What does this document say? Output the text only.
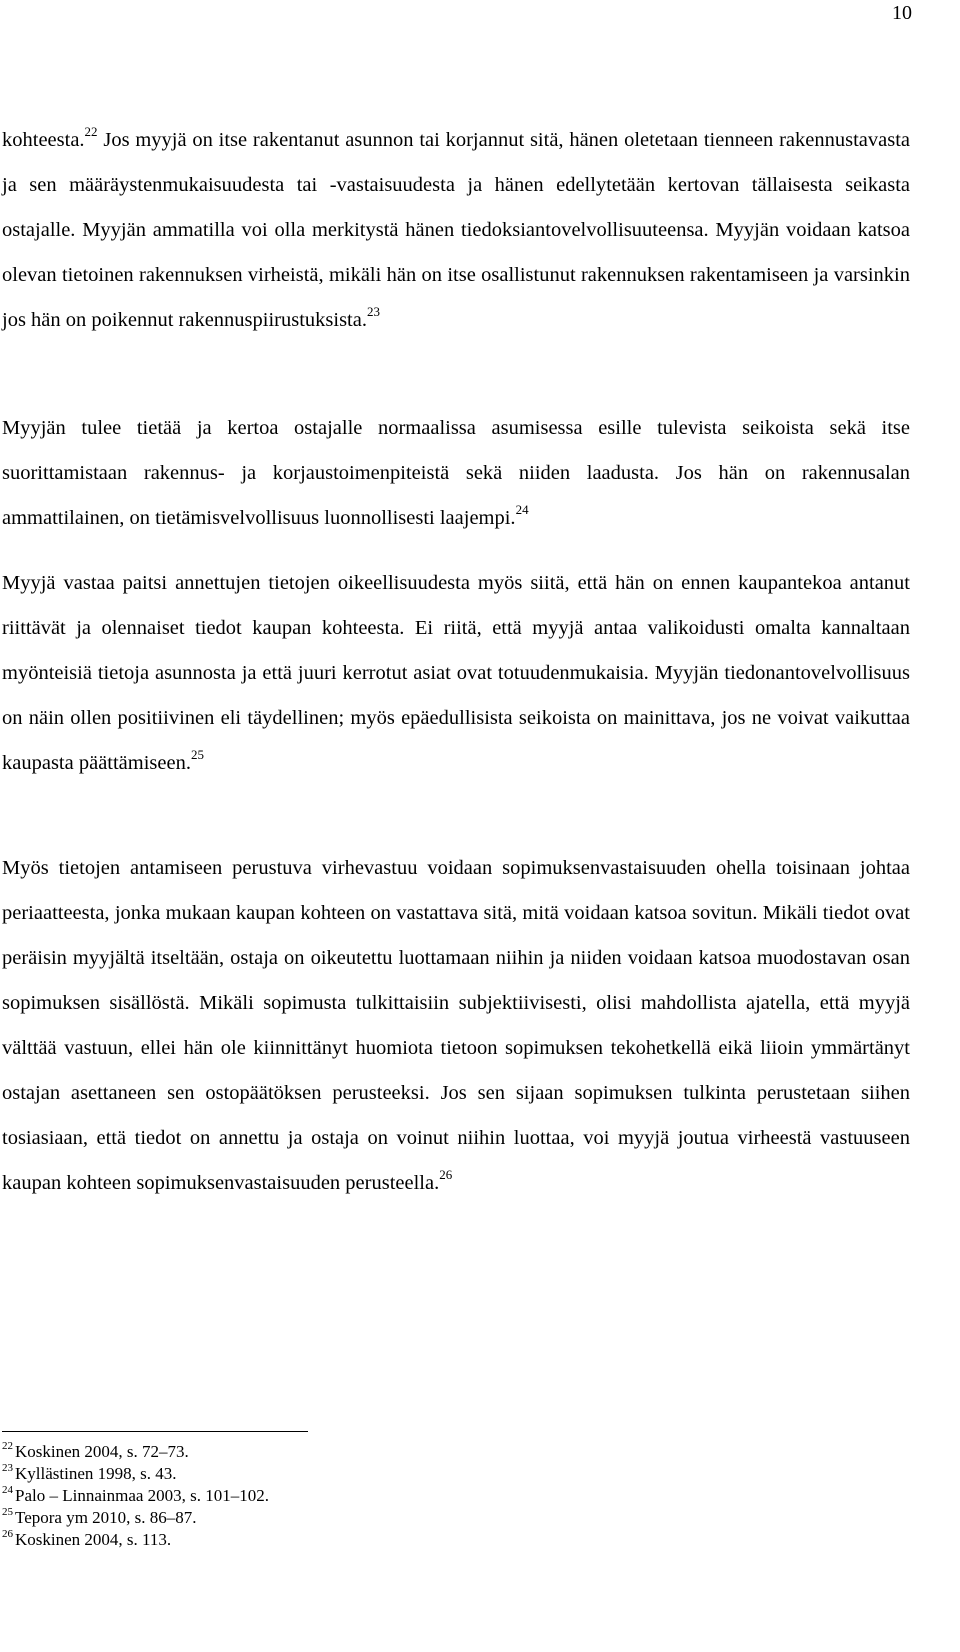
10

kohteesta.$^{22}$ Jos myyjä on itse rakentanut asunnon tai korjannut sitä, hänen oletetaan tienneen rakennustavasta ja sen määräystenmukaisuudesta tai -vastaisuudesta ja hänen edellytetään kertovan tällaisesta seikasta ostajalle. Myyjän ammatilla voi olla merkitystä hänen tiedoksiantovelvollisuuteensa. Myyjän voidaan katsoa olevan tietoinen rakennuksen virheistä, mikäli hän on itse osallistunut rakennuksen rakentamiseen ja varsinkin jos hän on poikennut rakennuspiirustuksista.$^{23}$

Myyjän tulee tietää ja kertoa ostajalle normaalissa asumisessa esille tulevista seikoista sekä itse suorittamistaan rakennus- ja korjaustoimenpiteistä sekä niiden laadusta. Jos hän on rakennusalan ammattilainen, on tietämisvelvollisuus luonnollisesti laajempi.$^{24}$

Myyjä vastaa paitsi annettujen tietojen oikeellisuudesta myös siitä, että hän on ennen kaupantekoa antanut riittävät ja olennaiset tiedot kaupan kohteesta. Ei riitä, että myyjä antaa valikoidusti omalta kannaltaan myönteisiä tietoja asunnosta ja että juuri kerrotut asiat ovat totuudenmukaisia. Myyjän tiedonantovelvollisuus on näin ollen positiivinen eli täydellinen; myös epäedullisista seikoista on mainittava, jos ne voivat vaikuttaa kaupasta päättämiseen.$^{25}$

Myös tietojen antamiseen perustuva virhevastuu voidaan sopimuksenvastaisuuden ohella toisinaan johtaa periaatteesta, jonka mukaan kaupan kohteen on vastattava sitä, mitä voidaan katsoa sovitun. Mikäli tiedot ovat peräisin myyjältä itseltään, ostaja on oikeutettu luottamaan niihin ja niiden voidaan katsoa muodostavan osan sopimuksen sisällöstä. Mikäli sopimusta tulkittaisiin subjektiivisesti, olisi mahdollista ajatella, että myyjä välttää vastuun, ellei hän ole kiinnittänyt huomiota tietoon sopimuksen tekohetkellä eikä liioin ymmärtänyt ostajan asettaneen sen ostopäätöksen perusteeksi. Jos sen sijaan sopimuksen tulkinta perustetaan siihen tosiasiaan, että tiedot on annettu ja ostaja on voinut niihin luottaa, voi myyjä joutua virheestä vastuuseen kaupan kohteen sopimuksenvastaisuuden perusteella.$^{26}$

$^{22}$ Koskinen 2004, s. 72–73.
$^{23}$ Kyllästinen 1998, s. 43.
$^{24}$ Palo – Linnainmaa 2003, s. 101–102.
$^{25}$ Tepora ym 2010, s. 86–87.
$^{26}$ Koskinen 2004, s. 113.
